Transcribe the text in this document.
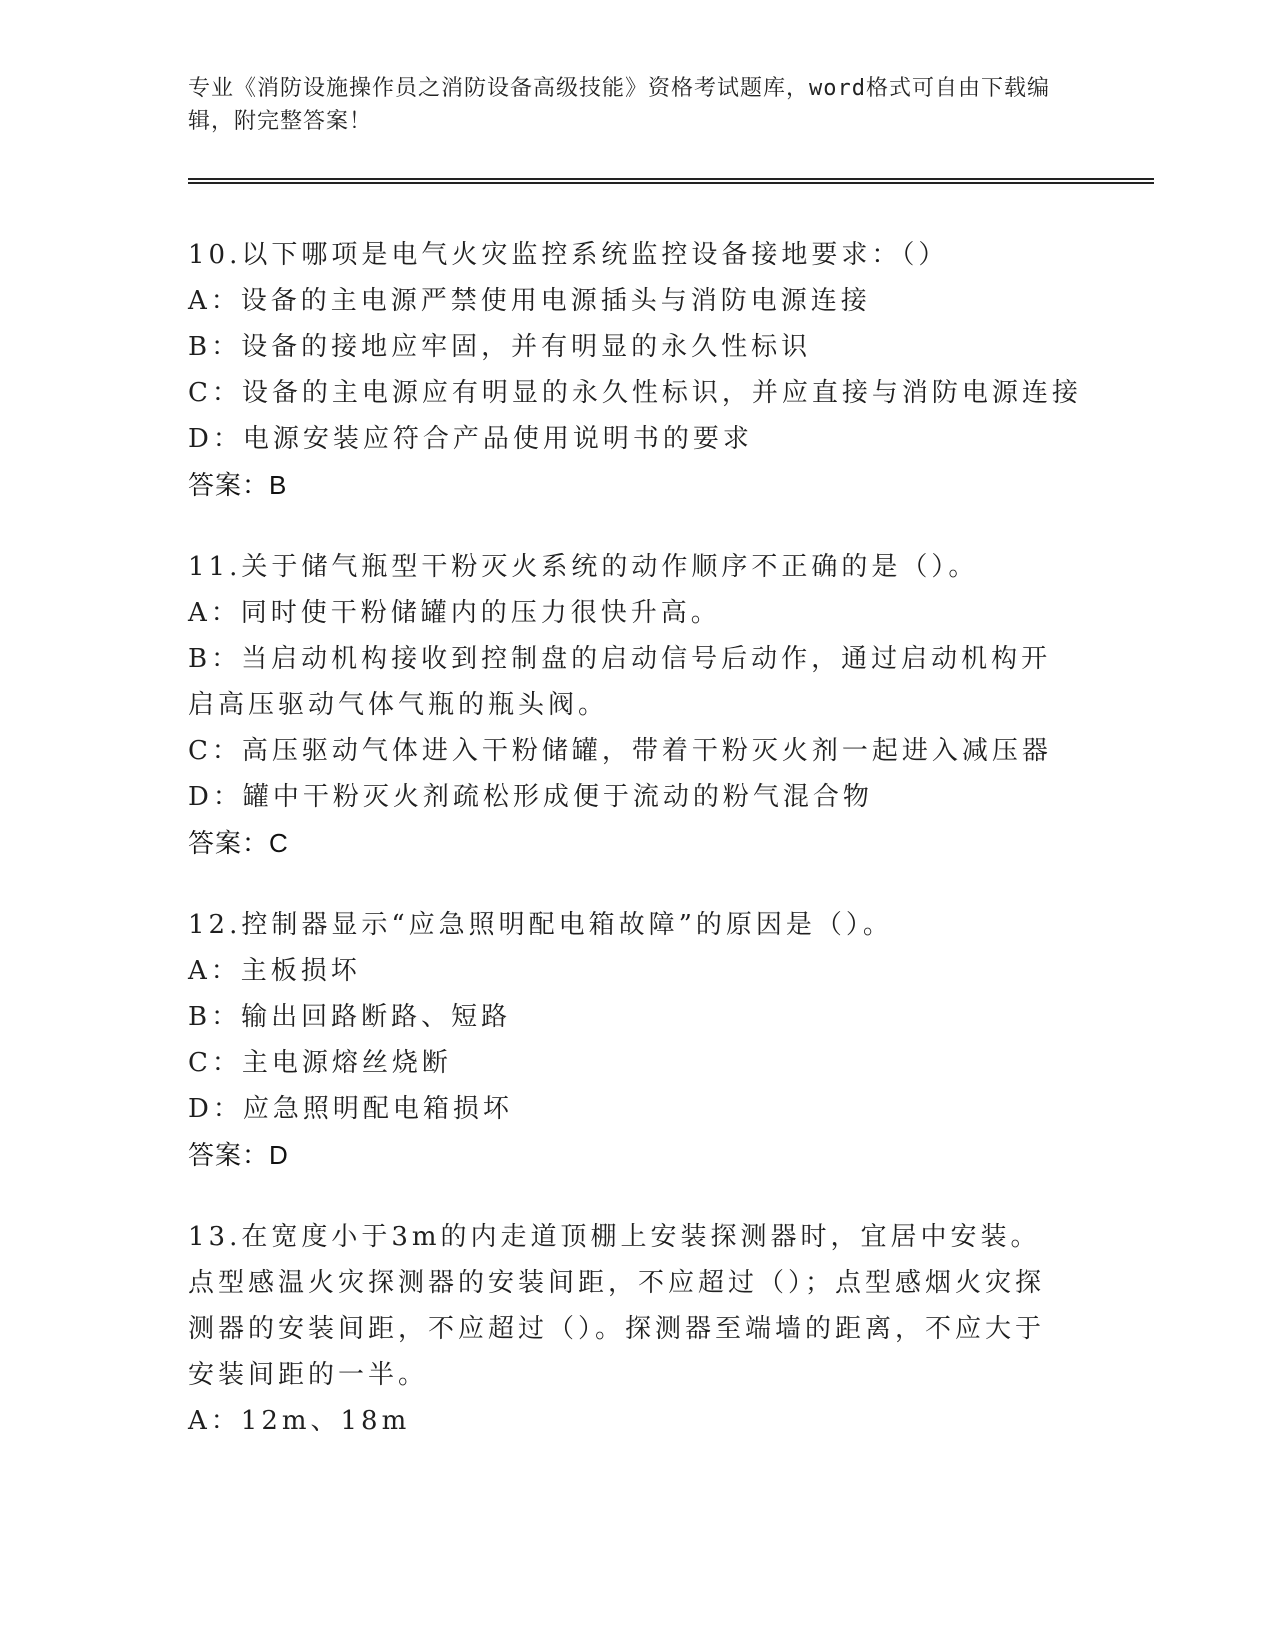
专业《消防设施操作员之消防设备高级技能》资格考试题库，word格式可自由下载编辑，附完整答案！
10.以下哪项是电气火灾监控系统监控设备接地要求：（）
A：设备的主电源严禁使用电源插头与消防电源连接
B：设备的接地应牢固，并有明显的永久性标识
C：设备的主电源应有明显的永久性标识，并应直接与消防电源连接
D：电源安装应符合产品使用说明书的要求
答案：B
11.关于储气瓶型干粉灭火系统的动作顺序不正确的是（）。
A：同时使干粉储罐内的压力很快升高。
B：当启动机构接收到控制盘的启动信号后动作，通过启动机构开启高压驱动气体气瓶的瓶头阀。
C：高压驱动气体进入干粉储罐，带着干粉灭火剂一起进入减压器
D：罐中干粉灭火剂疏松形成便于流动的粉气混合物
答案：C
12.控制器显示“应急照明配电箱故障”的原因是（）。
A：主板损坏
B：输出回路断路、短路
C：主电源熔丝烧断
D：应急照明配电箱损坏
答案：D
13.在宽度小于3m的内走道顶棚上安装探测器时，宜居中安装。点型感温火灾探测器的安装间距，不应超过（）；点型感烟火灾探测器的安装间距，不应超过（）。探测器至端墙的距离，不应大于安装间距的一半。
A：12m、18m
